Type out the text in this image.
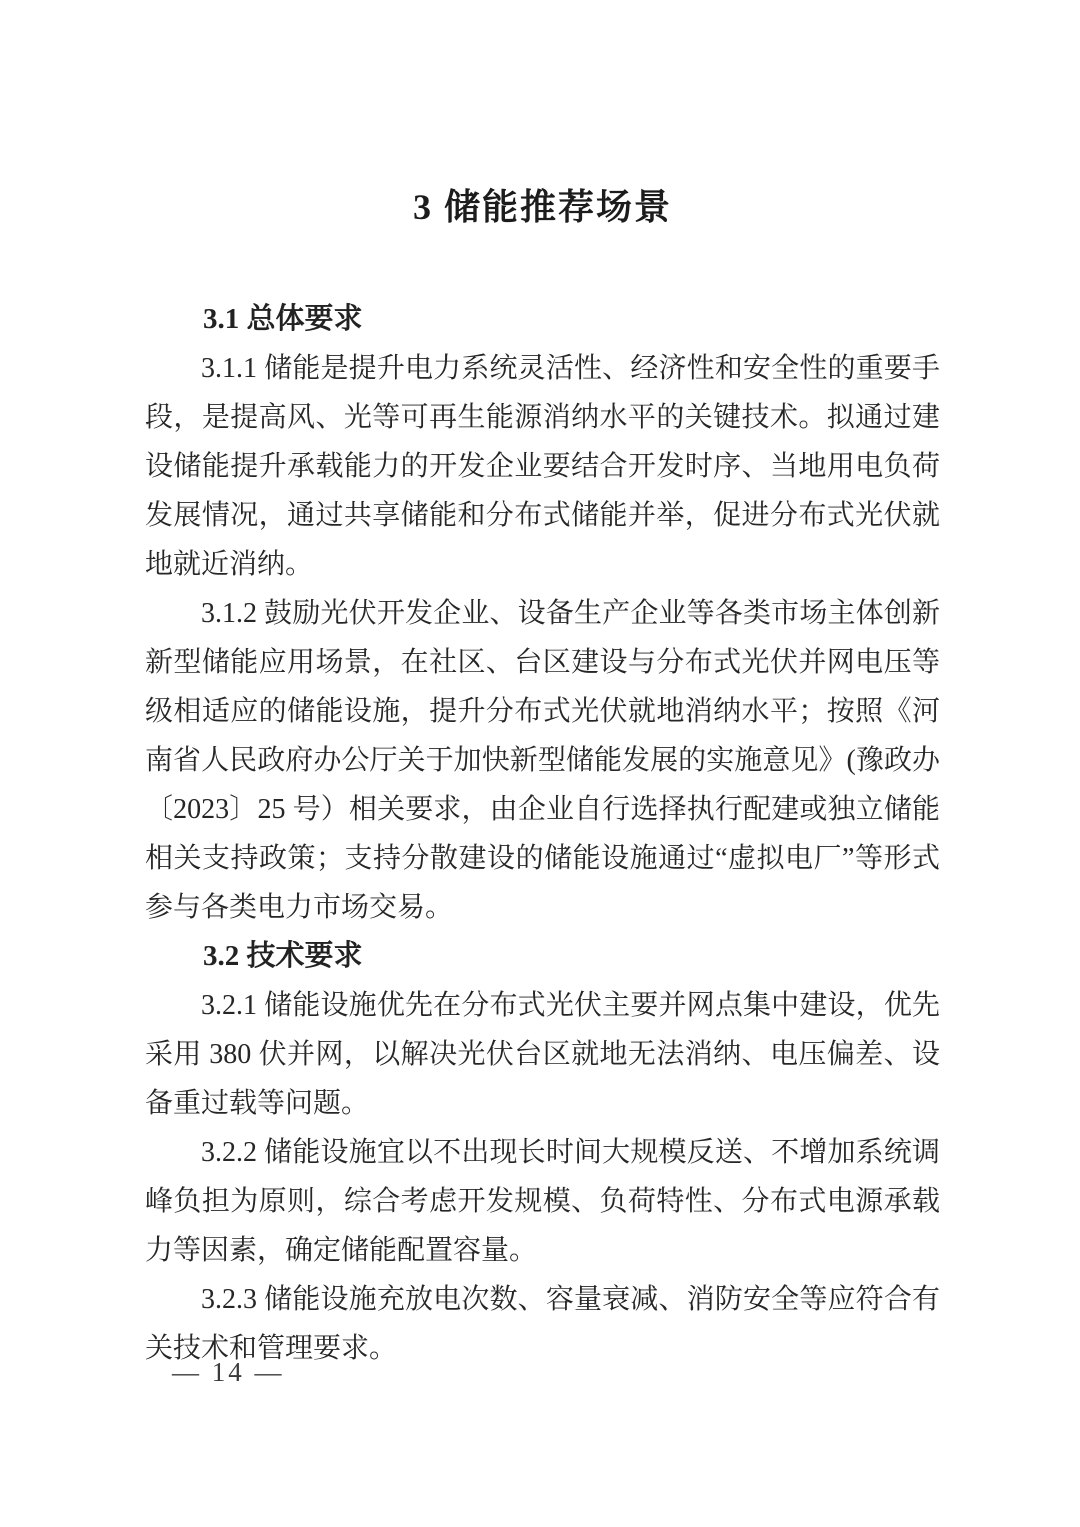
3 储能推荐场景
3.1 总体要求

3.1.1 储能是提升电力系统灵活性、经济性和安全性的重要手段，是提高风、光等可再生能源消纳水平的关键技术。拟通过建设储能提升承载能力的开发企业要结合开发时序、当地用电负荷发展情况，通过共享储能和分布式储能并举，促进分布式光伏就地就近消纳。

3.1.2 鼓励光伏开发企业、设备生产企业等各类市场主体创新新型储能应用场景，在社区、台区建设与分布式光伏并网电压等级相适应的储能设施，提升分布式光伏就地消纳水平；按照《河南省人民政府办公厅关于加快新型储能发展的实施意见》(豫政办〔2023〕25 号）相关要求，由企业自行选择执行配建或独立储能相关支持政策；支持分散建设的储能设施通过“虚拟电厂”等形式参与各类电力市场交易。

3.2 技术要求

3.2.1 储能设施优先在分布式光伏主要并网点集中建设，优先采用 380 伏并网，以解决光伏台区就地无法消纳、电压偏差、设备重过载等问题。

3.2.2 储能设施宜以不出现长时间大规模反送、不增加系统调峰负担为原则，综合考虑开发规模、负荷特性、分布式电源承载力等因素，确定储能配置容量。

3.2.3 储能设施充放电次数、容量衰减、消防安全等应符合有关技术和管理要求。

— 14 —
